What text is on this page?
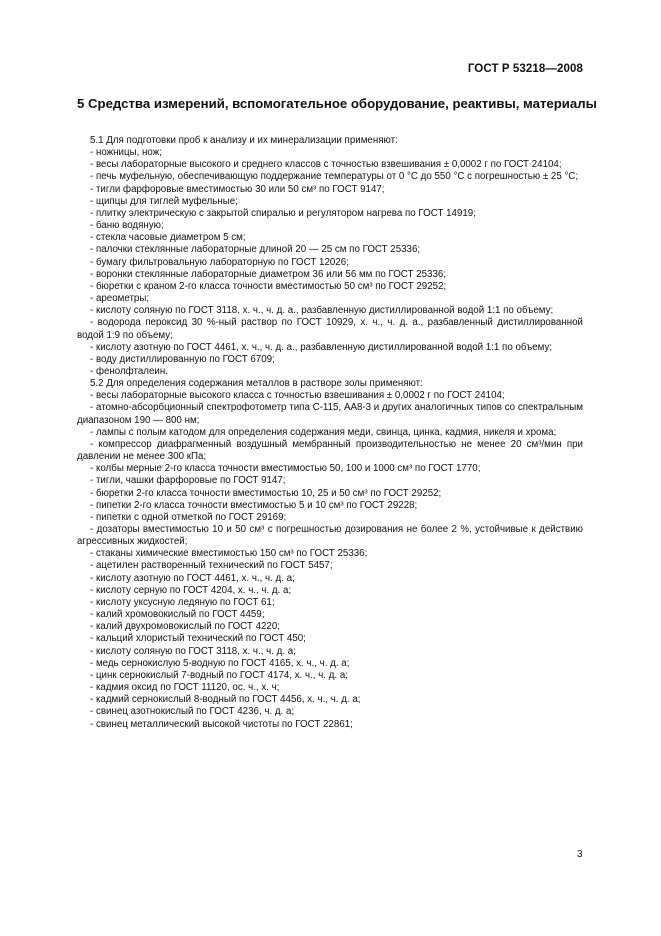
ГОСТ Р 53218—2008
5 Средства измерений, вспомогательное оборудование, реактивы, материалы

5.1 Для подготовки проб к анализу и их минерализации применяют:

- ножницы, нож;

- весы лабораторные высокого и среднего классов с точностью взвешивания ± 0,0002 г по ГОСТ 24104;

- печь муфельную, обеспечивающую поддержание температуры от 0 °С до 550 °С с погрешностью ± 25 °С;

- тигли фарфоровые вместимостью 30 или 50 см³ по ГОСТ 9147;

- щипцы для тиглей муфельные;

- плитку электрическую с закрытой спиралью и регулятором нагрева по ГОСТ 14919;

- баню водяную;

- стекла часовые диаметром 5 см;

- палочки стеклянные лабораторные длиной 20 — 25 см по ГОСТ 25336;

- бумагу фильтровальную лабораторную по ГОСТ 12026;

- воронки стеклянные лабораторные диаметром 36 или 56 мм по ГОСТ 25336;

- бюретки с краном 2-го класса точности вместимостью 50 см³ по ГОСТ 29252;

- ареометры;

- кислоту соляную по ГОСТ 3118, х. ч., ч. д. а., разбавленную дистиллированной водой 1:1 по объему;

- водорода пероксид 30 %-ный раствор по ГОСТ 10929, х. ч., ч. д. а., разбавленный дистиллированной водой 1:9 по объему;

- кислоту азотную по ГОСТ 4461, х. ч., ч. д. а., разбавленную дистиллированной водой 1:1 по объему;

- воду дистиллированную по ГОСТ 6709;

- фенолфталеин.

5.2 Для определения содержания металлов в растворе золы применяют:

- весы лабораторные высокого класса с точностью взвешивания ± 0,0002 г по ГОСТ 24104;

- атомно-абсорбционный спектрофотометр типа С-115, АА8-3 и других аналогичных типов со спектральным диапазоном 190 — 800 нм;

- лампы с полым катодом для определения содержания меди, свинца, цинка, кадмия, никеля и хрома;

- компрессор диафрагменный воздушный мембранный производительностью не менее 20 см³/мин при давлении не менее 300 кПа;

- колбы мерные 2-го класса точности вместимостью 50, 100 и 1000 см³ по ГОСТ 1770;

- тигли, чашки фарфоровые по ГОСТ 9147;

- бюретки 2-го класса точности вместимостью 10, 25 и 50 см³ по ГОСТ 29252;

- пипетки 2-го класса точности вместимостью 5 и 10 см³ по ГОСТ 29228;

- пипетки с одной отметкой по ГОСТ 29169;

- дозаторы вместимостью 10 и 50 см³ с погрешностью дозирования не более 2 %, устойчивые к действию агрессивных жидкостей;

- стаканы химические вместимостью 150 см³ по ГОСТ 25336;

- ацетилен растворенный технический по ГОСТ 5457;

- кислоту азотную по ГОСТ 4461, х. ч., ч. д. а;

- кислоту серную по ГОСТ 4204, х. ч., ч. д. а;

- кислоту уксусную ледяную по ГОСТ 61;

- калий хромовокислый по ГОСТ 4459;

- калий двухромовокислый по ГОСТ 4220;

- кальций хлористый технический по ГОСТ 450;

- кислоту соляную по ГОСТ 3118, х. ч., ч. д. а;

- медь сернокислую 5-водную по ГОСТ 4165, х. ч., ч. д. а;

- цинк сернокислый 7-водный по ГОСТ 4174, х. ч., ч. д. а;

- кадмия оксид по ГОСТ 11120, ос. ч., х. ч;

- кадмий сернокислый 8-водный по ГОСТ 4456, х. ч., ч. д. а;

- свинец азотнокислый по ГОСТ 4236, ч. д. а;

- свинец металлический высокой чистоты по ГОСТ 22861;

3
